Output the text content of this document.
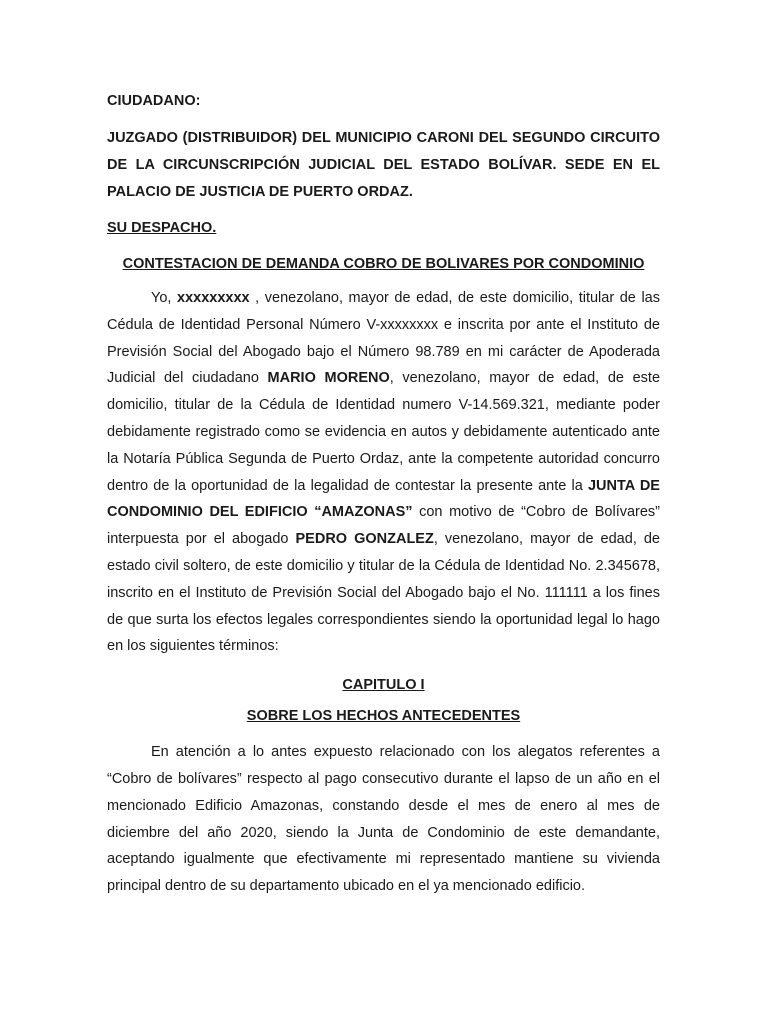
CIUDADANO:

JUZGADO (DISTRIBUIDOR) DEL MUNICIPIO CARONI DEL SEGUNDO CIRCUITO DE LA CIRCUNSCRIPCIÓN JUDICIAL DEL ESTADO BOLÍVAR. SEDE EN EL PALACIO DE JUSTICIA DE PUERTO ORDAZ.

SU DESPACHO.

CONTESTACION DE DEMANDA COBRO DE BOLIVARES POR CONDOMINIO

Yo, xxxxxxxxx , venezolano, mayor de edad, de este domicilio, titular de las Cédula de Identidad Personal Número V-xxxxxxxx e inscrita por ante el Instituto de Previsión Social del Abogado bajo el Número 98.789 en mi carácter de Apoderada Judicial del ciudadano MARIO MORENO, venezolano, mayor de edad, de este domicilio, titular de la Cédula de Identidad numero V-14.569.321, mediante poder debidamente registrado como se evidencia en autos y debidamente autenticado ante la Notaría Pública Segunda de Puerto Ordaz, ante la competente autoridad concurro dentro de la oportunidad de la legalidad de contestar la presente ante la JUNTA DE CONDOMINIO DEL EDIFICIO “AMAZONAS” con motivo de “Cobro de Bolívares” interpuesta por el abogado PEDRO GONZALEZ, venezolano, mayor de edad, de estado civil soltero, de este domicilio y titular de la Cédula de Identidad No. 2.345678, inscrito en el Instituto de Previsión Social del Abogado bajo el No. 111111 a los fines de que surta los efectos legales correspondientes siendo la oportunidad legal lo hago en los siguientes términos:

CAPITULO I

SOBRE LOS HECHOS ANTECEDENTES

En atención a lo antes expuesto relacionado con los alegatos referentes a “Cobro de bolívares” respecto al pago consecutivo durante el lapso de un año en el mencionado Edificio Amazonas, constando desde el mes de enero al mes de diciembre del año 2020, siendo la Junta de Condominio de este demandante, aceptando igualmente que efectivamente mi representado mantiene su vivienda principal dentro de su departamento ubicado en el ya mencionado edificio.
